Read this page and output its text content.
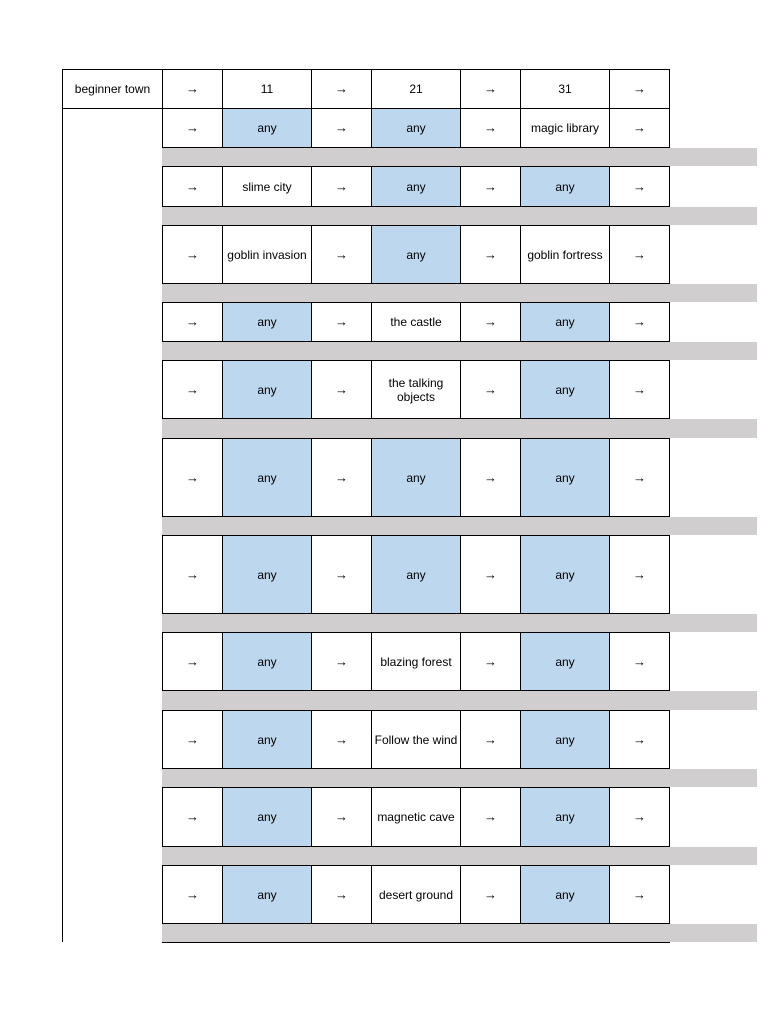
beginner town	→	11	→	21	→	31	→
→	any	→	any	→	magic library	→
→	slime city	→	any	→	any	→
→	goblin invasion	→	any	→	goblin fortress	→
→	any	→	the castle	→	any	→
→	any	→	the talking objects	→	any	→
→	any	→	any	→	any	→
→	any	→	any	→	any	→
→	any	→	blazing forest	→	any	→
→	any	→	Follow the wind	→	any	→
→	any	→	magnetic cave	→	any	→
→	any	→	desert ground	→	any	→
